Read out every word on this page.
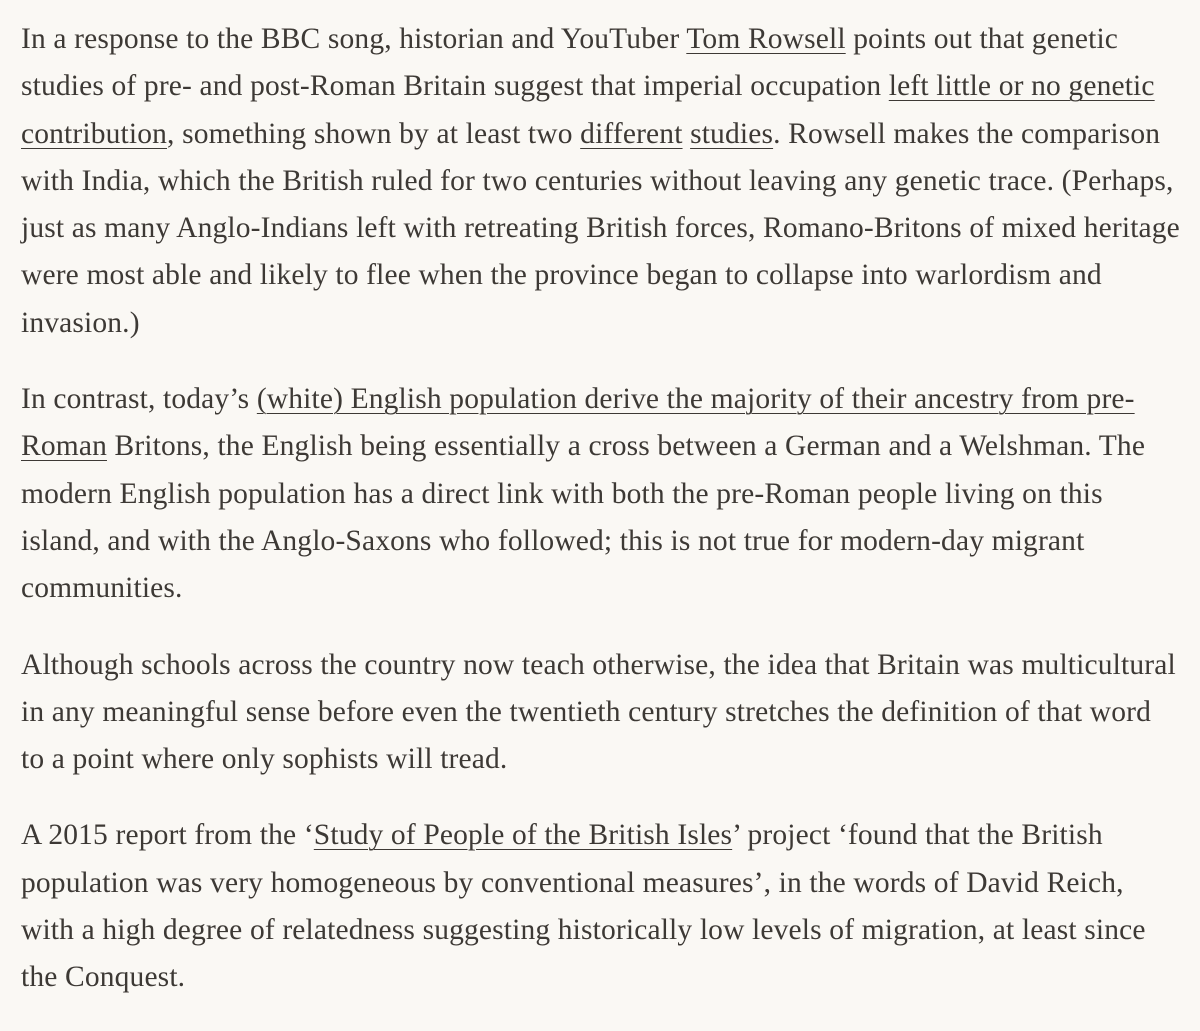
In a response to the BBC song, historian and YouTuber Tom Rowsell points out that genetic studies of pre- and post-Roman Britain suggest that imperial occupation left little or no genetic contribution, something shown by at least two different studies. Rowsell makes the comparison with India, which the British ruled for two centuries without leaving any genetic trace. (Perhaps, just as many Anglo-Indians left with retreating British forces, Romano-Britons of mixed heritage were most able and likely to flee when the province began to collapse into warlordism and invasion.)

In contrast, today’s (white) English population derive the majority of their ancestry from pre-Roman Britons, the English being essentially a cross between a German and a Welshman. The modern English population has a direct link with both the pre-Roman people living on this island, and with the Anglo-Saxons who followed; this is not true for modern-day migrant communities.

Although schools across the country now teach otherwise, the idea that Britain was multicultural in any meaningful sense before even the twentieth century stretches the definition of that word to a point where only sophists will tread.

A 2015 report from the ‘Study of People of the British Isles’ project ‘found that the British population was very homogeneous by conventional measures’, in the words of David Reich, with a high degree of relatedness suggesting historically low levels of migration, at least since the Conquest.
